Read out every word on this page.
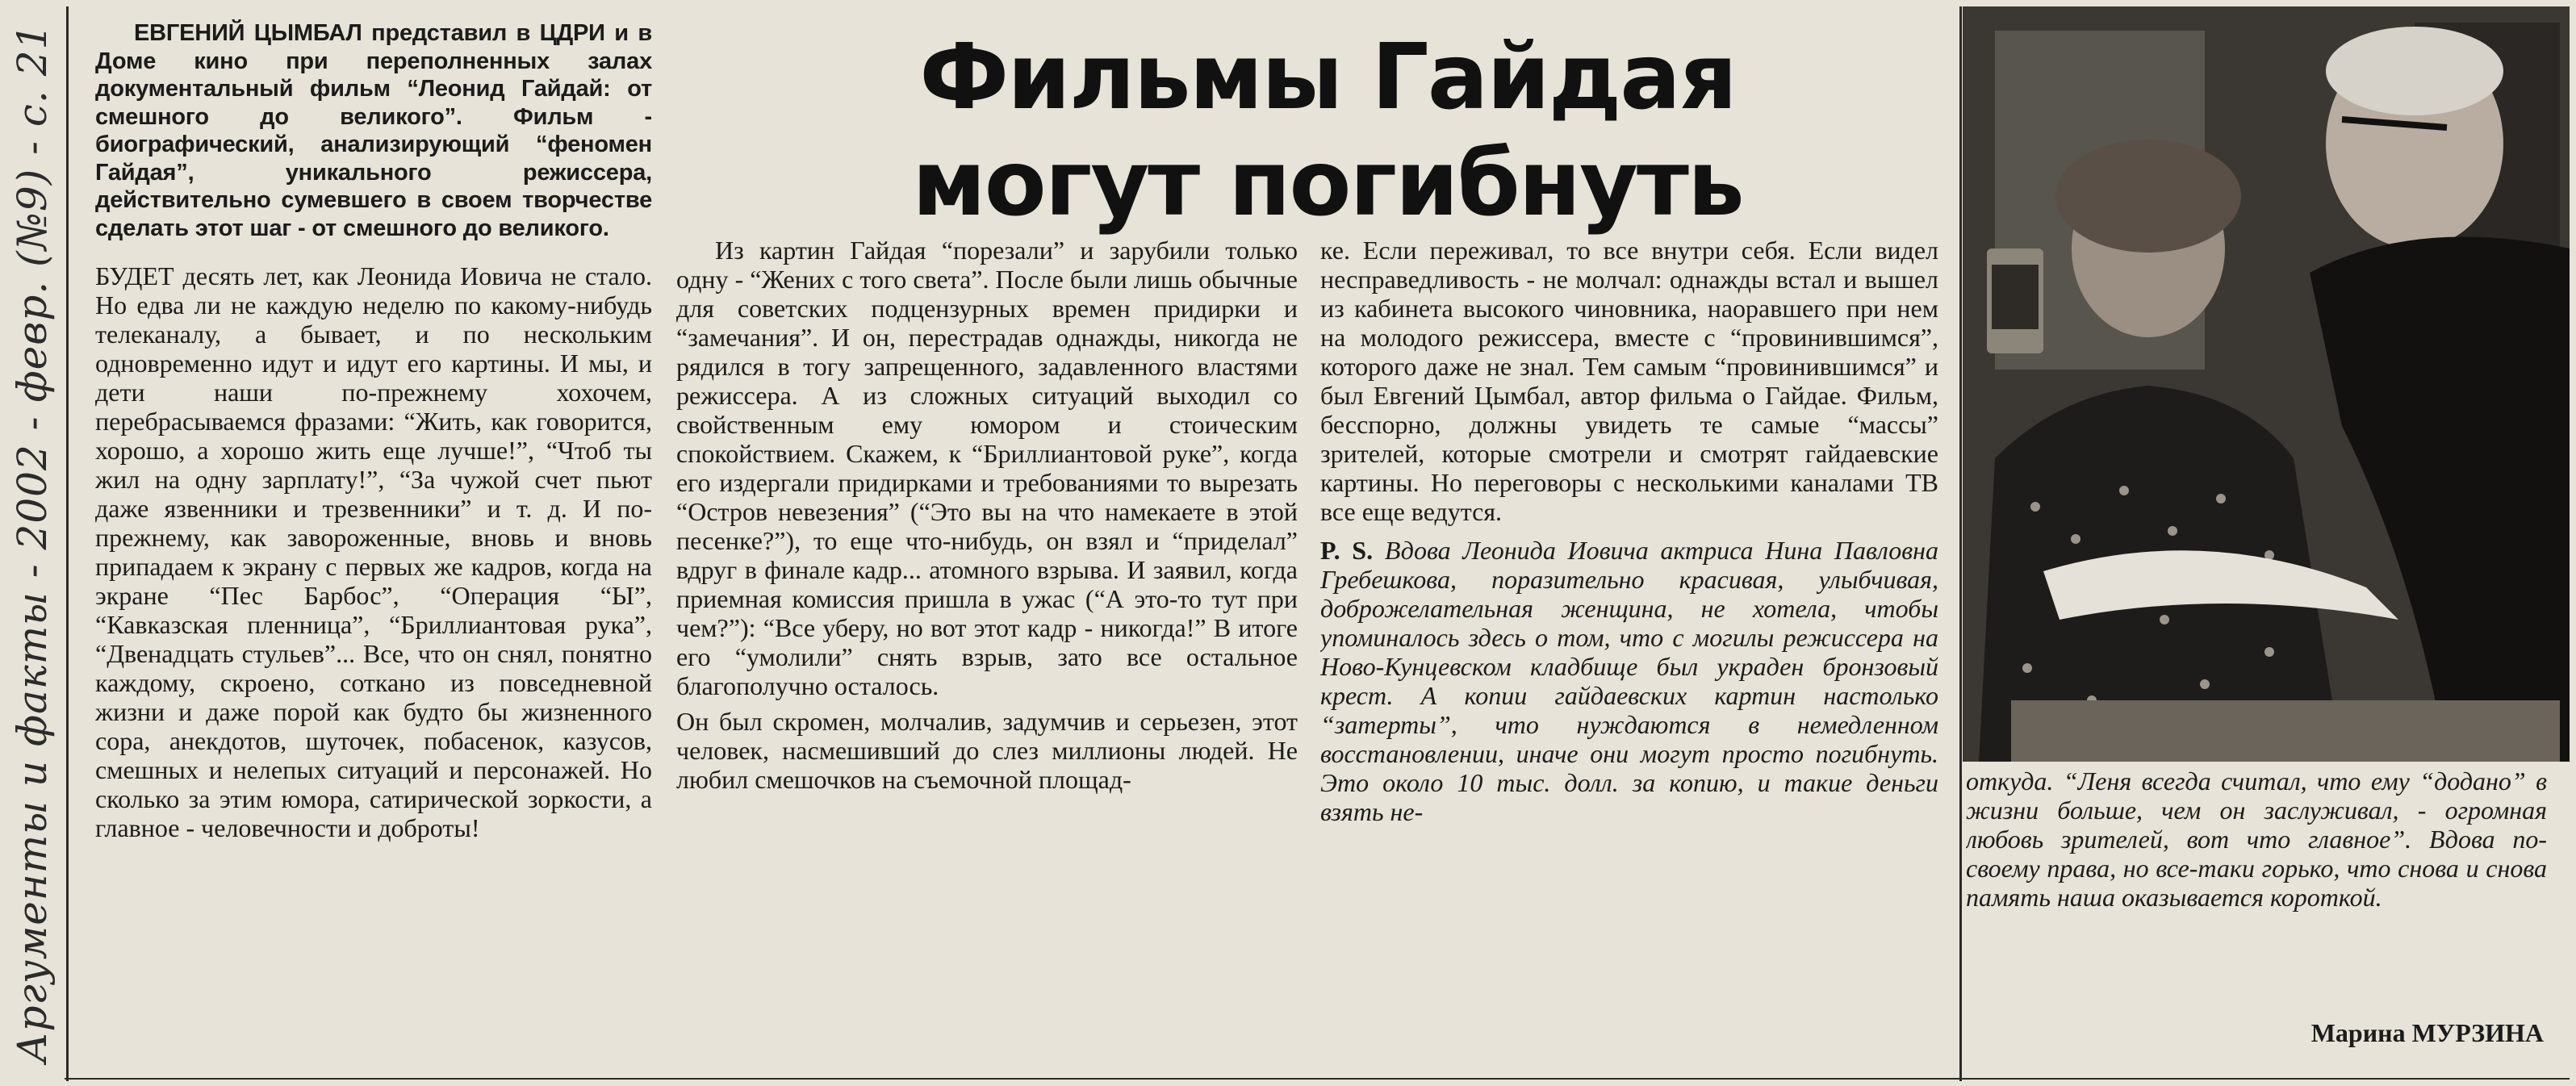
Аргументы и факты - 2002 - февр. (№9) - с. 21	ЕВГЕНИЙ ЦЫМБАЛ представил в ЦДРИ и в Доме кино при переполненных залах документальный фильм “Леонид Гайдай: от смешного до великого”. Фильм - биографический, анализирующий “феномен Гайдая”, уникального режиссера, действительно сумевшего в своем творчестве сделать этот шаг - от смешного до великого.

БУДЕТ десять лет, как Леонида Иовича не стало. Но едва ли не каждую неделю по какому-нибудь телеканалу, а бывает, и по нескольким одновременно идут и идут его картины. И мы, и дети наши по-прежнему хохочем, перебрасываемся фразами: “Жить, как говорится, хорошо, а хорошо жить еще лучше!”, “Чтоб ты жил на одну зарплату!”, “За чужой счет пьют даже язвенники и трезвенники” и т. д. И по-прежнему, как завороженные, вновь и вновь припадаем к экрану с первых же кадров, когда на экране “Пес Барбос”, “Операция “Ы”, “Кавказская пленница”, “Бриллиантовая рука”, “Двенадцать стульев”... Все, что он снял, понятно каждому, скроено, соткано из повседневной жизни и даже порой как будто бы жизненного сора, анекдотов, шуточек, побасенок, казусов, смешных и нелепых ситуаций и персонажей. Но сколько за этим юмора, сатирической зоркости, а главное - человечности и доброты!

Фильмы Гайдая
могут погибнуть

Из картин Гайдая “порезали” и зарубили только одну - “Жених с того света”. После были лишь обычные для советских подцензурных времен придирки и “замечания”. И он, перестрадав однажды, никогда не рядился в тогу запрещенного, задавленного властями режиссера. А из сложных ситуаций выходил со свойственным ему юмором и стоическим спокойствием. Скажем, к “Бриллиантовой руке”, когда его издергали придирками и требованиями то вырезать “Остров невезения” (“Это вы на что намекаете в этой песенке?”), то еще что-нибудь, он взял и “приделал” вдруг в финале кадр... атомного взрыва. И заявил, когда приемная комиссия пришла в ужас (“А это-то тут при чем?”): “Все уберу, но вот этот кадр - никогда!” В итоге его “умолили” снять взрыв, зато все остальное благополучно осталось.

Он был скромен, молчалив, задумчив и серьезен, этот человек, насмешивший до слез миллионы людей. Не любил смешочков на съемочной площад-

ке. Если переживал, то все внутри себя. Если видел несправедливость - не молчал: однажды встал и вышел из кабинета высокого чиновника, наоравшего при нем на молодого режиссера, вместе с “провинившимся”, которого даже не знал. Тем самым “провинившимся” и был Евгений Цымбал, автор фильма о Гайдае. Фильм, бесспорно, должны увидеть те самые “массы” зрителей, которые смотрели и смотрят гайдаевские картины. Но переговоры с несколькими каналами ТВ все еще ведутся.

P. S. Вдова Леонида Иовича актриса Нина Павловна Гребешкова, поразительно красивая, улыбчивая, доброжелательная женщина, не хотела, чтобы упоминалось здесь о том, что с могилы режиссера на Ново-Кунцевском кладбище был украден бронзовый крест. А копии гайдаевских картин настолько “затерты”, что нуждаются в немедленном восстановлении, иначе они могут просто погибнуть. Это около 10 тыс. долл. за копию, и такие деньги взять не-

откуда. “Леня всегда считал, что ему “додано” в жизни больше, чем он заслуживал, - огромная любовь зрителей, вот что главное”. Вдова по-своему права, но все-таки горько, что снова и снова память наша оказывается короткой.

Марина МУРЗИНА
